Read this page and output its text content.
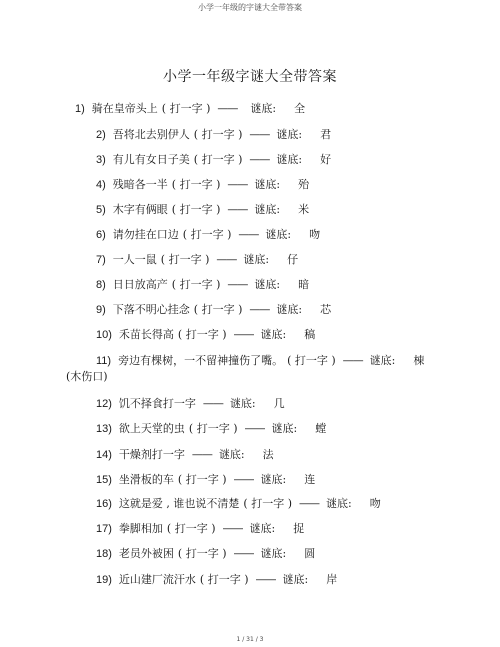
小学一年级的字谜大全带答案
小学一年级字谜大全带答案
1) 骑在皇帝头上 ( 打一字 ) —— 谜底: 全
2) 吾将北去别伊人 ( 打一字 ) —— 谜底: 君
3) 有儿有女日子美 ( 打一字 ) —— 谜底: 好
4) 残暗各一半 ( 打一字 ) —— 谜底: 殆
5) 木字有俩眼 ( 打一字 ) —— 谜底: 米
6) 请勿挂在口边 ( 打一字 ) —— 谜底: 吻
7) 一人一鼠 ( 打一字 ) —— 谜底: 仔
8) 日日放高产 ( 打一字 ) —— 谜底: 暗
9) 下落不明心挂念 ( 打一字 ) —— 谜底: 芯
10) 禾苗长得高 ( 打一字 ) —— 谜底: 稿
11) 旁边有棵树，一不留神撞伤了嘴。 ( 打一字 ) —— 谜底: 棟
(木伤口)
12) 饥不择食打一字 —— 谜底: 几
13) 欲上天堂的虫 ( 打一字 ) —— 谜底: 螳
14) 干燥剂打一字 —— 谜底: 法
15) 坐滑板的车 ( 打一字 ) —— 谜底: 连
16) 这就是爱 , 谁也说不清楚 ( 打一字 ) —— 谜底: 吻
17) 拳脚相加 ( 打一字 ) —— 谜底: 捉
18) 老员外被困 ( 打一字 ) —— 谜底: 圆
19) 近山建厂流汗水 ( 打一字 ) —— 谜底: 岸
1 / 31 / 3
